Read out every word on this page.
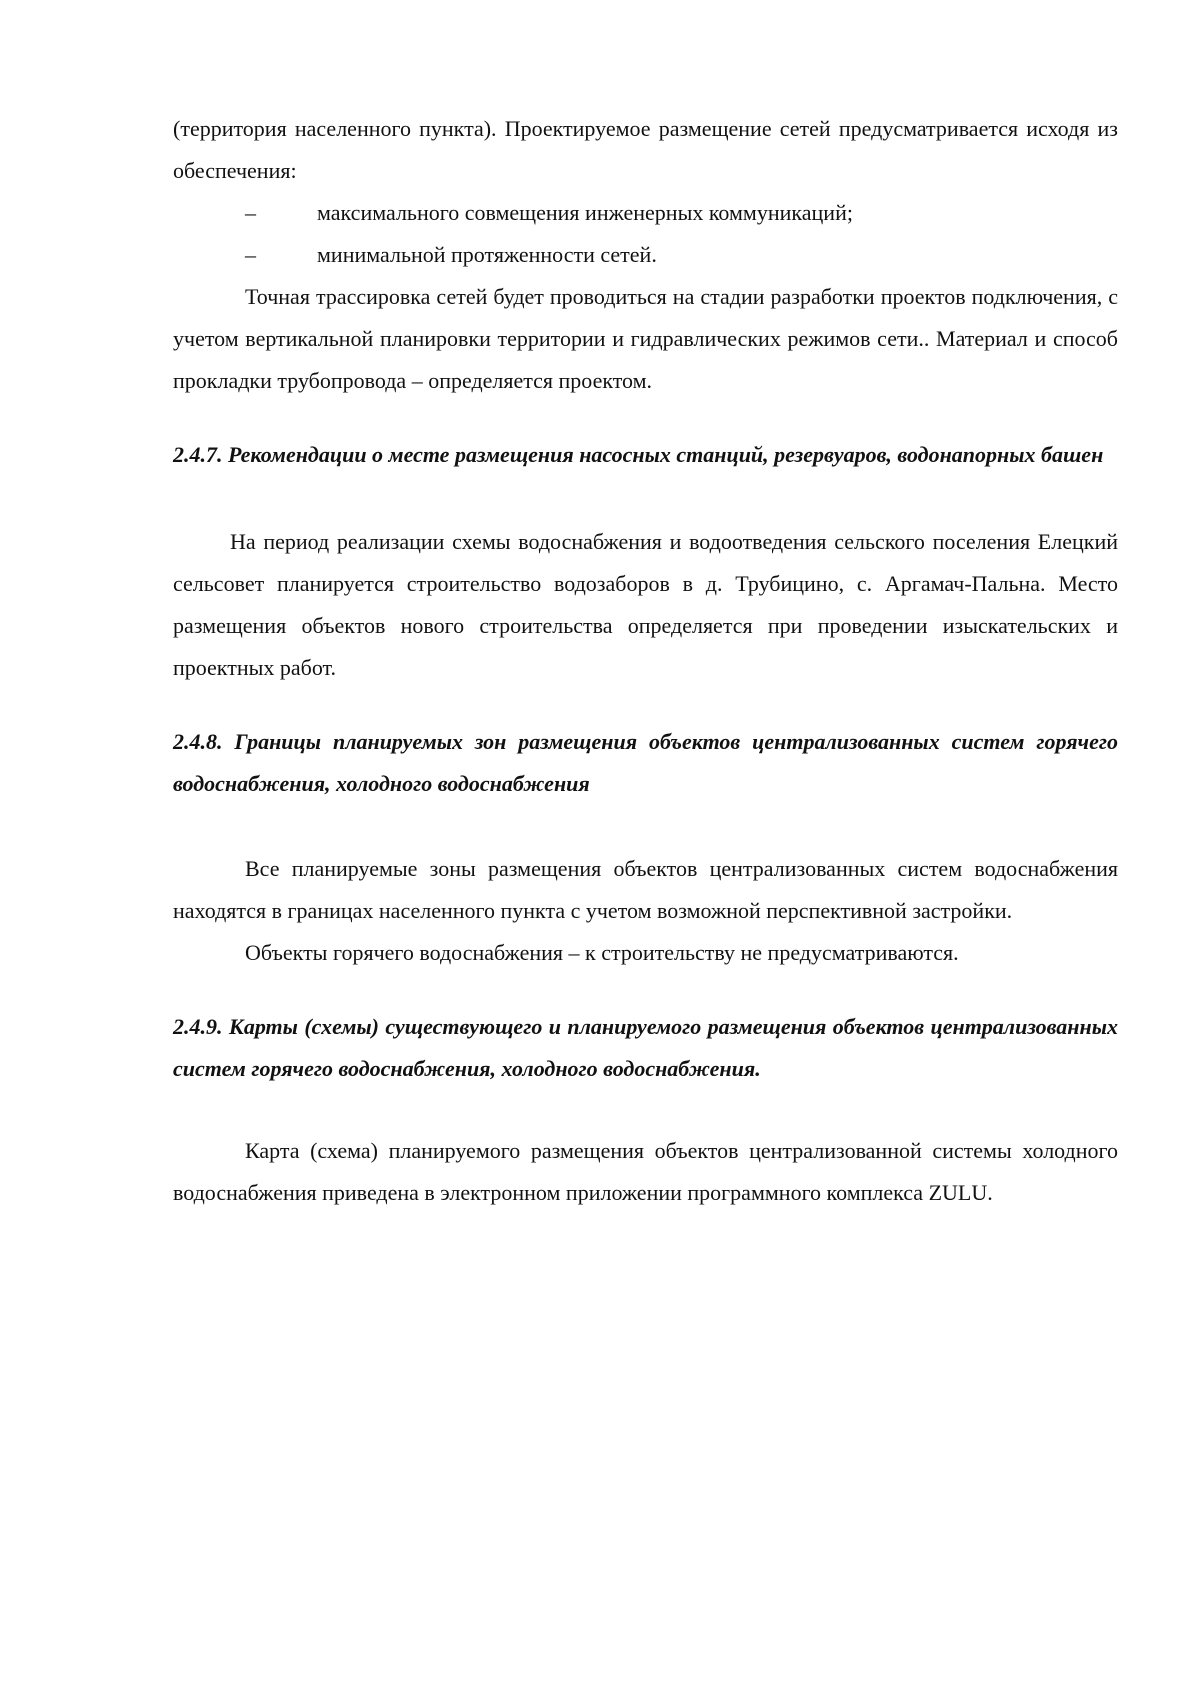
(территория населенного пункта). Проектируемое размещение сетей предусматривается исходя из обеспечения:

–	максимального совмещения инженерных коммуникаций;

–	минимальной протяженности сетей.

Точная трассировка сетей будет проводиться на стадии разработки проектов подключения, с учетом вертикальной планировки территории и гидравлических режимов сети.. Материал и способ прокладки трубопровода – определяется проектом.

2.4.7. Рекомендации о месте размещения насосных станций, резервуаров, водонапорных башен

На период реализации схемы водоснабжения и водоотведения сельского поселения Елецкий сельсовет планируется строительство водозаборов в д. Трубицино, с. Аргамач-Пальна. Место размещения объектов нового строительства определяется при проведении изыскательских и проектных работ.

2.4.8. Границы планируемых зон размещения объектов централизованных систем горячего водоснабжения, холодного водоснабжения

Все планируемые зоны размещения объектов централизованных систем водоснабжения находятся в границах населенного пункта с учетом возможной перспективной застройки.

Объекты горячего водоснабжения – к строительству не предусматриваются.

2.4.9. Карты (схемы) существующего и планируемого размещения объектов централизованных систем горячего водоснабжения, холодного водоснабжения.

Карта (схема) планируемого размещения объектов централизованной системы холодного водоснабжения приведена в электронном приложении программного комплекса ZULU.
